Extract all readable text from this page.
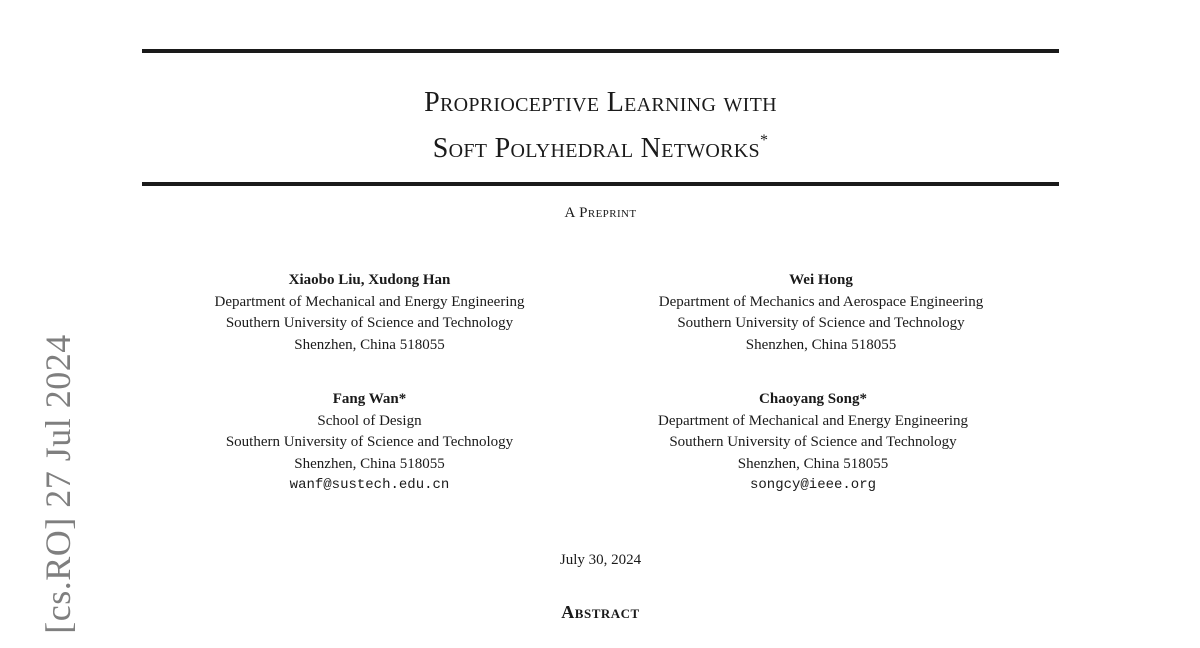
Proprioceptive Learning with
Soft Polyhedral Networks*
A Preprint
Xiaobo Liu, Xudong Han
Department of Mechanical and Energy Engineering
Southern University of Science and Technology
Shenzhen, China 518055
Wei Hong
Department of Mechanics and Aerospace Engineering
Southern University of Science and Technology
Shenzhen, China 518055
Fang Wan*
School of Design
Southern University of Science and Technology
Shenzhen, China 518055
wanf@sustech.edu.cn
Chaoyang Song*
Department of Mechanical and Energy Engineering
Southern University of Science and Technology
Shenzhen, China 518055
songcy@ieee.org
July 30, 2024
Abstract
[cs.RO] 27 Jul 2024
